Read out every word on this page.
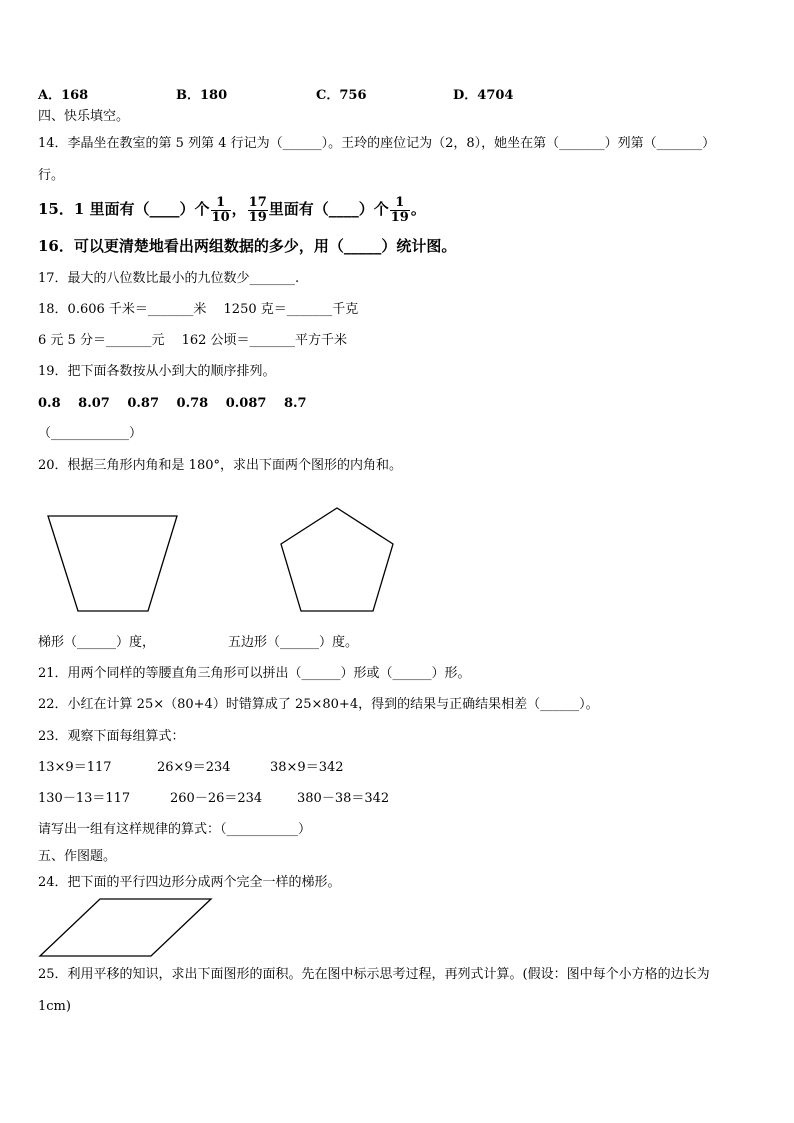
A．168	B．180	C．756	D．4704
四、快乐填空。
14．李晶坐在教室的第 5 列第 4 行记为（______）。王玲的座位记为（2，8），她坐在第（_______）列第（_______）
行。
15．1 里面有（____）个 $\frac{1}{10}$ ， $\frac{17}{19}$ 里面有（____）个 $\frac{1}{19}$ 。
16．可以更清楚地看出两组数据的多少，用（_____）统计图。
17．最大的八位数比最小的九位数少_______.
18．0.606 千米＝_______米　 1250 克＝_______千克
6 元 5 分＝_______元　 162 公顷＝_______平方千米
19．把下面各数按从小到大的顺序排列。
0.8　 8.07　 0.87　 0.78　 0.087　 8.7
（____________）
20．根据三角形内角和是 180°，求出下面两个图形的内角和。
梯形（______）度，	五边形（______）度。
21．用两个同样的等腰直角三角形可以拼出（______）形或（______）形。
22．小红在计算 25×（80+4）时错算成了 25×80+4，得到的结果与正确结果相差（______）。
23．观察下面每组算式：
13×9＝117	26×9＝234	38×9＝342
130－13＝117	260－26＝234	380－38＝342
请写出一组有这样规律的算式：（___________）
五、作图题。
24．把下面的平行四边形分成两个完全一样的梯形。
25．利用平移的知识，求出下面图形的面积。先在图中标示思考过程，再列式计算。(假设：图中每个小方格的边长为
1cm)
